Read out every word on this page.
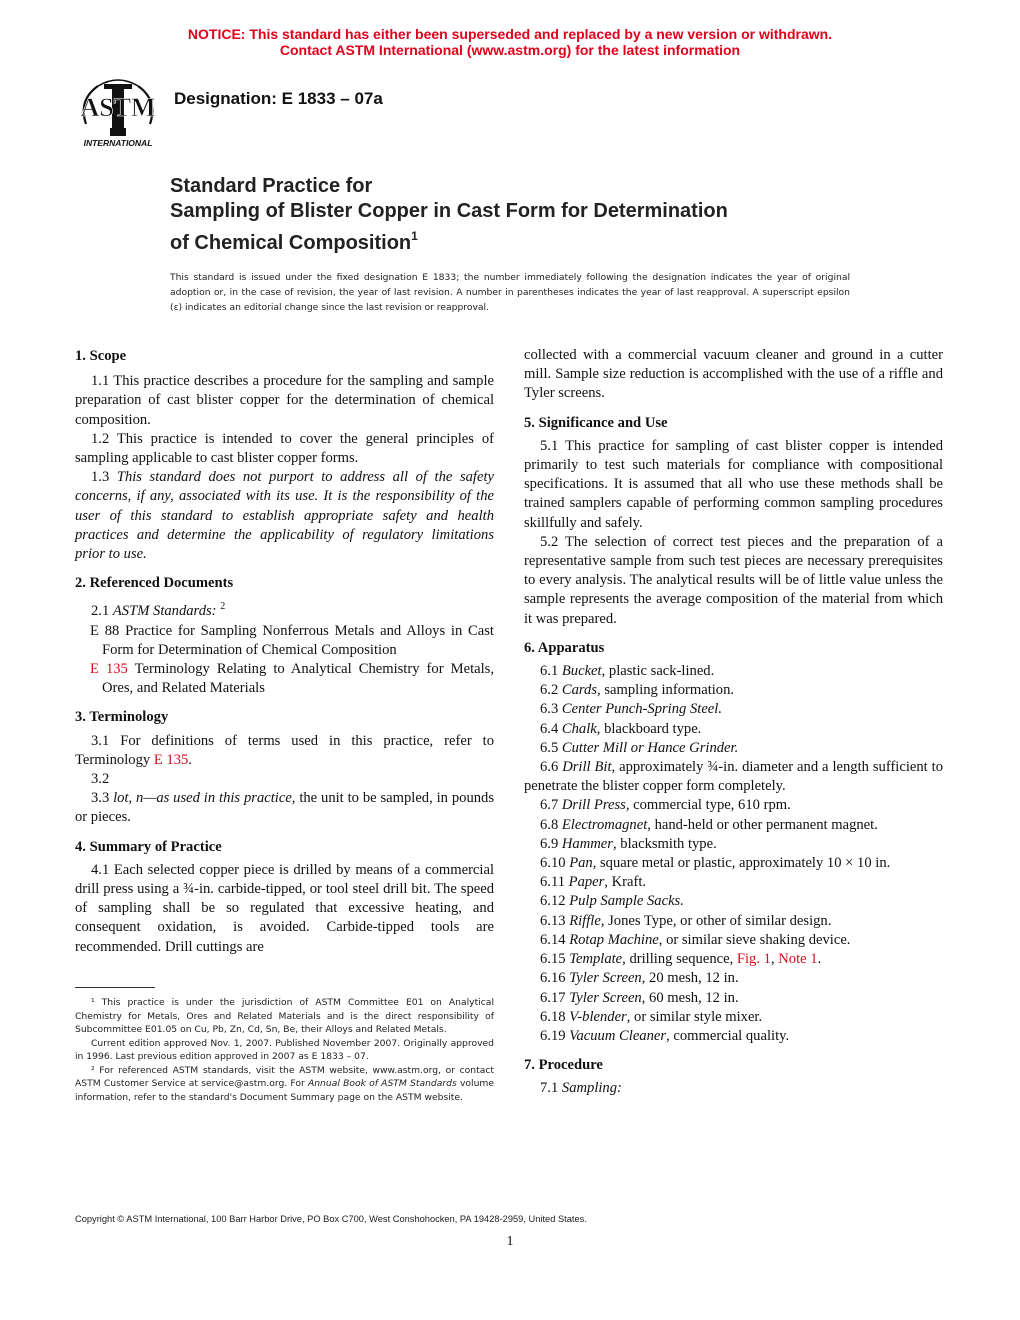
NOTICE: This standard has either been superseded and replaced by a new version or withdrawn.
Contact ASTM International (www.astm.org) for the latest information
ASTM
INTERNATIONAL
Designation: E 1833 – 07a
Standard Practice for
Sampling of Blister Copper in Cast Form for Determination
of Chemical Composition$^1$
This standard is issued under the fixed designation E 1833; the number immediately following the designation indicates the year of original adoption or, in the case of revision, the year of last revision. A number in parentheses indicates the year of last reapproval. A superscript epsilon (ε) indicates an editorial change since the last revision or reapproval.
1. Scope

1.1 This practice describes a procedure for the sampling and sample preparation of cast blister copper for the determination of chemical composition.

1.2 This practice is intended to cover the general principles of sampling applicable to cast blister copper forms.

1.3 This standard does not purport to address all of the safety concerns, if any, associated with its use. It is the responsibility of the user of this standard to establish appropriate safety and health practices and determine the applicability of regulatory limitations prior to use.

2. Referenced Documents

2.1 ASTM Standards: $^2$

E 88 Practice for Sampling Nonferrous Metals and Alloys in Cast Form for Determination of Chemical Composition

E 135 Terminology Relating to Analytical Chemistry for Metals, Ores, and Related Materials

3. Terminology

3.1 For definitions of terms used in this practice, refer to Terminology E 135.

3.2

3.3 lot, n—as used in this practice, the unit to be sampled, in pounds or pieces.

4. Summary of Practice

4.1 Each selected copper piece is drilled by means of a commercial drill press using a ¾-in. carbide-tipped, or tool steel drill bit. The speed of sampling shall be so regulated that excessive heating, and consequent oxidation, is avoided. Carbide-tipped tools are recommended. Drill cuttings are

¹ This practice is under the jurisdiction of ASTM Committee E01 on Analytical Chemistry for Metals, Ores and Related Materials and is the direct responsibility of Subcommittee E01.05 on Cu, Pb, Zn, Cd, Sn, Be, their Alloys and Related Metals.

Current edition approved Nov. 1, 2007. Published November 2007. Originally approved in 1996. Last previous edition approved in 2007 as E 1833 – 07.

² For referenced ASTM standards, visit the ASTM website, www.astm.org, or contact ASTM Customer Service at service@astm.org. For Annual Book of ASTM Standards volume information, refer to the standard's Document Summary page on the ASTM website.

collected with a commercial vacuum cleaner and ground in a cutter mill. Sample size reduction is accomplished with the use of a riffle and Tyler screens.

5. Significance and Use

5.1 This practice for sampling of cast blister copper is intended primarily to test such materials for compliance with compositional specifications. It is assumed that all who use these methods shall be trained samplers capable of performing common sampling procedures skillfully and safely.

5.2 The selection of correct test pieces and the preparation of a representative sample from such test pieces are necessary prerequisites to every analysis. The analytical results will be of little value unless the sample represents the average composition of the material from which it was prepared.

6. Apparatus

6.1 Bucket, plastic sack-lined.

6.2 Cards, sampling information.

6.3 Center Punch-Spring Steel.

6.4 Chalk, blackboard type.

6.5 Cutter Mill or Hance Grinder.

6.6 Drill Bit, approximately ¾-in. diameter and a length sufficient to penetrate the blister copper form completely.

6.7 Drill Press, commercial type, 610 rpm.

6.8 Electromagnet, hand-held or other permanent magnet.

6.9 Hammer, blacksmith type.

6.10 Pan, square metal or plastic, approximately 10 × 10 in.

6.11 Paper, Kraft.

6.12 Pulp Sample Sacks.

6.13 Riffle, Jones Type, or other of similar design.

6.14 Rotap Machine, or similar sieve shaking device.

6.15 Template, drilling sequence, Fig. 1, Note 1.

6.16 Tyler Screen, 20 mesh, 12 in.

6.17 Tyler Screen, 60 mesh, 12 in.

6.18 V-blender, or similar style mixer.

6.19 Vacuum Cleaner, commercial quality.

7. Procedure

7.1 Sampling:

Copyright © ASTM International, 100 Barr Harbor Drive, PO Box C700, West Conshohocken, PA 19428-2959, United States.
1
